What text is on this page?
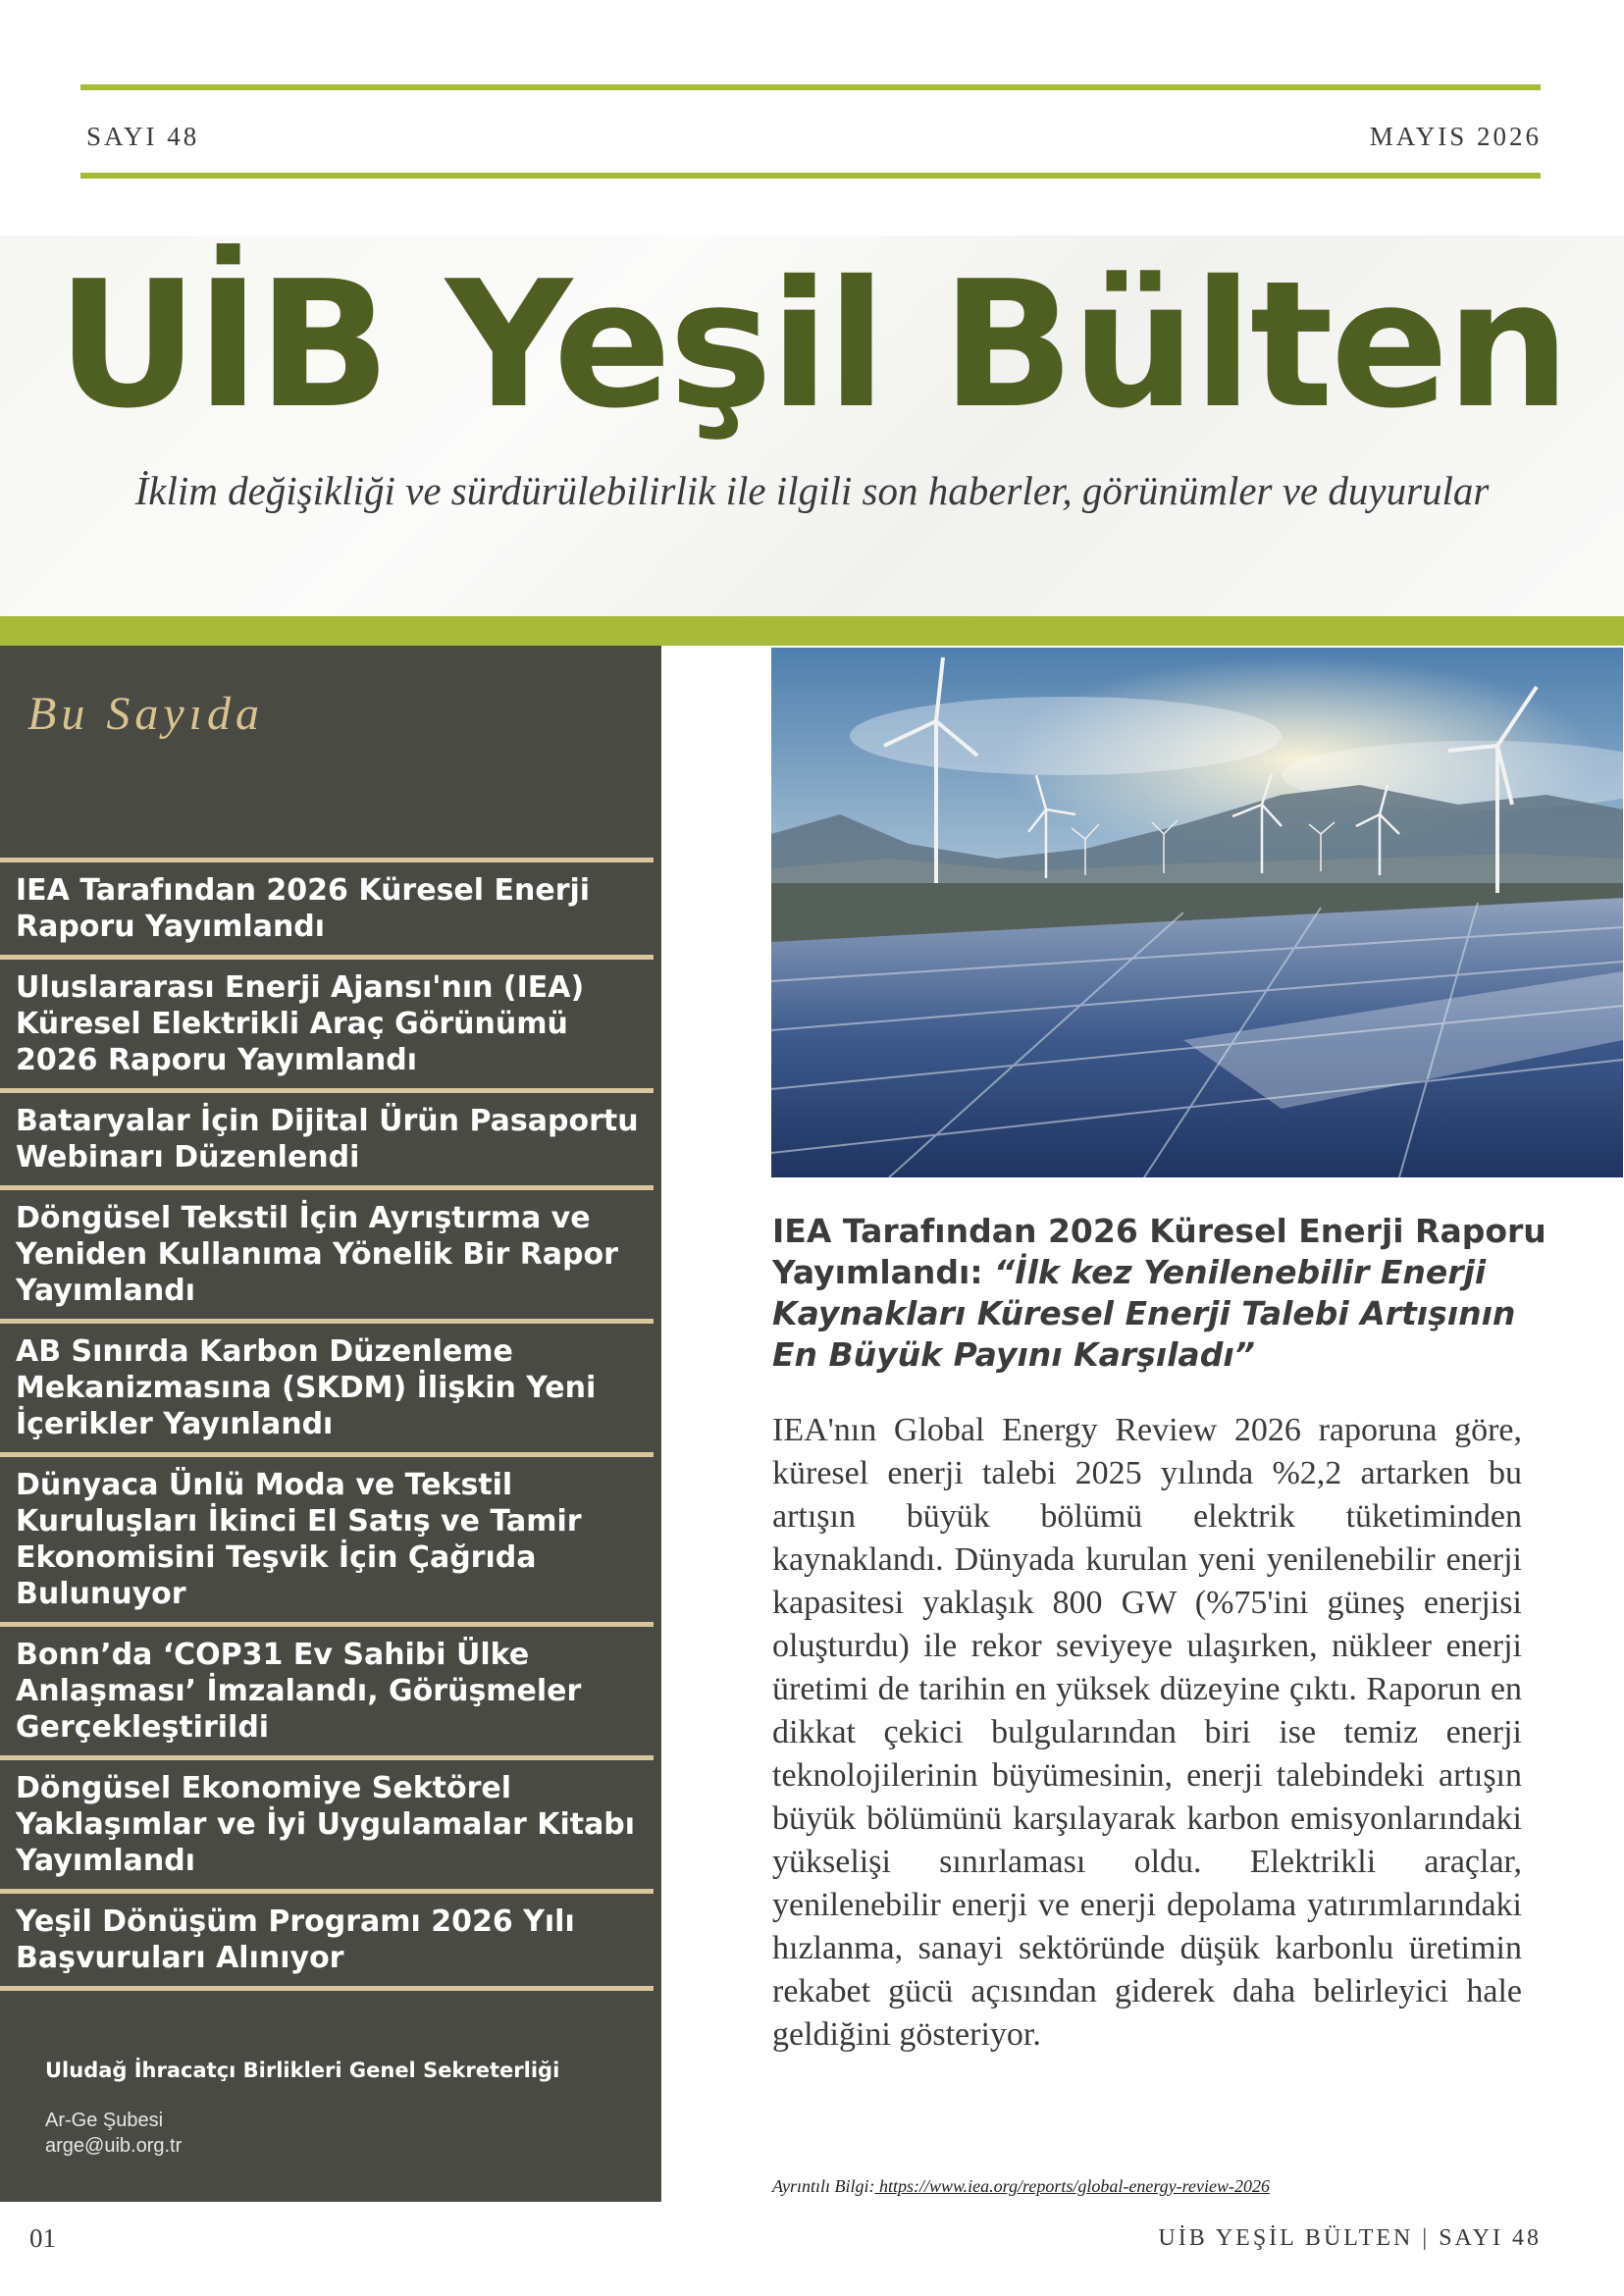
SAYI 48	MAYIS 2026
UİB Yeşil Bülten
İklim değişikliği ve sürdürülebilirlik ile ilgili son haberler, görünümler ve duyurular
Bu Sayıda
IEA Tarafından 2026 Küresel Enerji Raporu Yayımlandı
Uluslararası Enerji Ajansı'nın (IEA) Küresel Elektrikli Araç Görünümü 2026 Raporu Yayımlandı
Bataryalar İçin Dijital Ürün Pasaportu Webinarı Düzenlendi
Döngüsel Tekstil İçin Ayrıştırma ve Yeniden Kullanıma Yönelik Bir Rapor Yayımlandı
AB Sınırda Karbon Düzenleme Mekanizmasına (SKDM) İlişkin Yeni İçerikler Yayınlandı
Dünyaca Ünlü Moda ve Tekstil Kuruluşları İkinci El Satış ve Tamir Ekonomisini Teşvik İçin Çağrıda Bulunuyor
Bonn’da ‘COP31 Ev Sahibi Ülke Anlaşması’ İmzalandı, Görüşmeler Gerçekleştirildi
Döngüsel Ekonomiye Sektörel Yaklaşımlar ve İyi Uygulamalar Kitabı Yayımlandı
Yeşil Dönüşüm Programı 2026 Yılı Başvuruları Alınıyor
Uludağ İhracatçı Birlikleri Genel Sekreterliği
Ar-Ge Şubesi
arge@uib.org.tr
IEA Tarafından 2026 Küresel Enerji Raporu Yayımlandı: “İlk kez Yenilenebilir Enerji Kaynakları Küresel Enerji Talebi Artışının En Büyük Payını Karşıladı”
IEA'nın Global Energy Review 2026 raporuna göre, küresel enerji talebi 2025 yılında %2,2 artarken bu artışın büyük bölümü elektrik tüketiminden kaynaklandı. Dünyada kurulan yeni yenilenebilir enerji kapasitesi yaklaşık 800 GW (%75'ini güneş enerjisi oluşturdu) ile rekor seviyeye ulaşırken, nükleer enerji üretimi de tarihin en yüksek düzeyine çıktı. Raporun en dikkat çekici bulgularından biri ise temiz enerji teknolojilerinin büyümesinin, enerji talebindeki artışın büyük bölümünü karşılayarak karbon emisyonlarındaki yükselişi sınırlaması oldu. Elektrikli araçlar, yenilenebilir enerji ve enerji depolama yatırımlarındaki hızlanma, sanayi sektöründe düşük karbonlu üretimin rekabet gücü açısından giderek daha belirleyici hale geldiğini gösteriyor.
Ayrıntılı Bilgi: https://www.iea.org/reports/global-energy-review-2026
01	UİB YEŞİL BÜLTEN | SAYI 48
